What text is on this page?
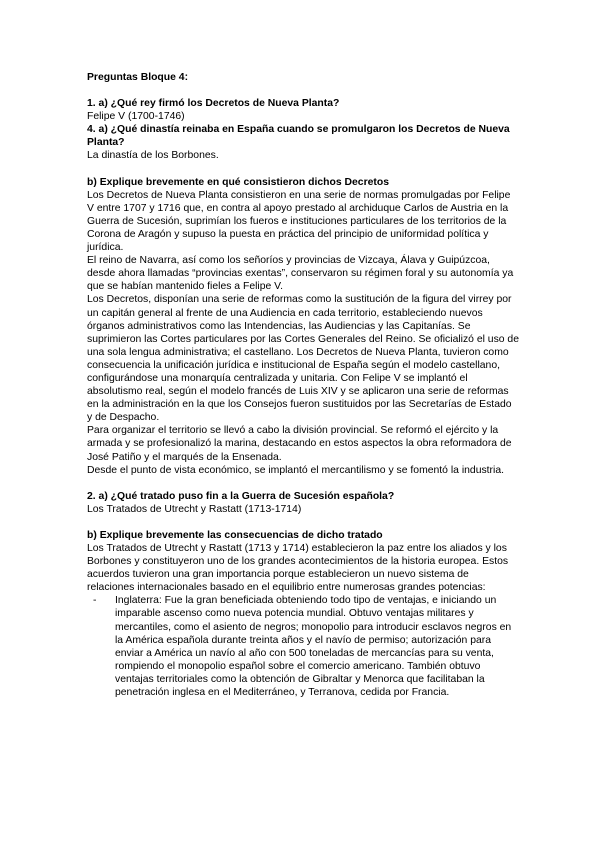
Preguntas Bloque 4:

1. a) ¿Qué rey firmó los Decretos de Nueva Planta?

Felipe V (1700-1746)

4. a) ¿Qué dinastía reinaba en España cuando se promulgaron los Decretos de Nueva Planta?

La dinastía de los Borbones.

b) Explique brevemente en qué consistieron dichos Decretos

Los Decretos de Nueva Planta consistieron en una serie de normas promulgadas por Felipe V entre 1707 y 1716 que, en contra al apoyo prestado al archiduque Carlos de Austria en la Guerra de Sucesión, suprimían los fueros e instituciones particulares de los territorios de la Corona de Aragón y supuso la puesta en práctica del principio de uniformidad política y jurídica.

El reino de Navarra, así como los señoríos y provincias de Vizcaya, Álava y Guipúzcoa, desde ahora llamadas “provincias exentas”, conservaron su régimen foral y su autonomía ya que se habían mantenido fieles a Felipe V.

Los Decretos, disponían una serie de reformas como la sustitución de la figura del virrey por un capitán general al frente de una Audiencia en cada territorio, estableciendo nuevos órganos administrativos como las Intendencias, las Audiencias y las Capitanías. Se suprimieron las Cortes particulares por las Cortes Generales del Reino. Se oficializó el uso de una sola lengua administrativa; el castellano. Los Decretos de Nueva Planta, tuvieron como consecuencia la unificación jurídica e institucional de España según el modelo castellano, configurándose una monarquía centralizada y unitaria. Con Felipe V se implantó el absolutismo real, según el modelo francés de Luis XIV y se aplicaron una serie de reformas en la administración en la que los Consejos fueron sustituidos por las Secretarías de Estado y de Despacho.

Para organizar el territorio se llevó a cabo la división provincial. Se reformó el ejército y la armada y se profesionalizó la marina, destacando en estos aspectos la obra reformadora de José Patiño y el marqués de la Ensenada.

Desde el punto de vista económico, se implantó el mercantilismo y se fomentó la industria.

2. a) ¿Qué tratado puso fin a la Guerra de Sucesión española?

Los Tratados de Utrecht y Rastatt (1713-1714)

b) Explique brevemente las consecuencias de dicho tratado

Los Tratados de Utrecht y Rastatt (1713 y 1714) establecieron la paz entre los aliados y los Borbones y constituyeron uno de los grandes acontecimientos de la historia europea. Estos acuerdos tuvieron una gran importancia porque establecieron un nuevo sistema de relaciones internacionales basado en el equilibrio entre numerosas grandes potencias:

- Inglaterra: Fue la gran beneficiada obteniendo todo tipo de ventajas, e iniciando un imparable ascenso como nueva potencia mundial. Obtuvo ventajas militares y mercantiles, como el asiento de negros; monopolio para introducir esclavos negros en la América española durante treinta años y el navío de permiso; autorización para enviar a América un navío al año con 500 toneladas de mercancías para su venta, rompiendo el monopolio español sobre el comercio americano. También obtuvo ventajas territoriales como la obtención de Gibraltar y Menorca que facilitaban la penetración inglesa en el Mediterráneo, y Terranova, cedida por Francia.
